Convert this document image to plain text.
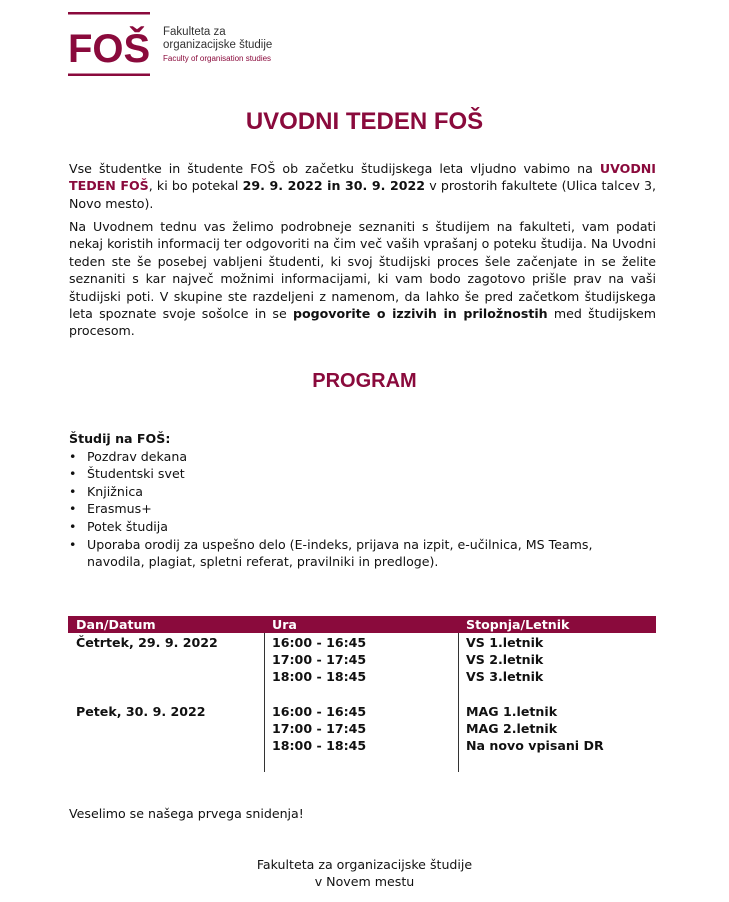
FOŠ Fakulteta za
organizacijske študije
Faculty of organisation studies
UVODNI TEDEN FOŠ
Vse študentke in študente FOŠ ob začetku študijskega leta vljudno vabimo na UVODNI TEDEN FOŠ, ki bo potekal 29. 9. 2022 in 30. 9. 2022 v prostorih fakultete (Ulica talcev 3, Novo mesto).
Na Uvodnem tednu vas želimo podrobneje seznaniti s študijem na fakulteti, vam podati nekaj koristih informacij ter odgovoriti na čim več vaših vprašanj o poteku študija. Na Uvodni teden ste še posebej vabljeni študenti, ki svoj študijski proces šele začenjate in se želite seznaniti s kar največ možnimi informacijami, ki vam bodo zagotovo prišle prav na vaši študijski poti. V skupine ste razdeljeni z namenom, da lahko še pred začetkom študijskega leta spoznate svoje sošolce in se pogovorite o izzivih in priložnostih med študijskem procesom.
PROGRAM
Študij na FOŠ:
• Pozdrav dekana
• Študentski svet
• Knjižnica
• Erasmus+
• Potek študija
• Uporaba orodij za uspešno delo (E-indeks, prijava na izpit, e-učilnica, MS Teams, navodila, plagiat, spletni referat, pravilniki in predloge).
Dan/Datum	Ura	Stopnja/Letnik
Četrtek, 29. 9. 2022	16:00 - 16:45	VS 1.letnik
17:00 - 17:45	VS 2.letnik
18:00 - 18:45	VS 3.letnik
Petek, 30. 9. 2022	16:00 - 16:45	MAG 1.letnik
17:00 - 17:45	MAG 2.letnik
18:00 - 18:45	Na novo vpisani DR
Veselimo se našega prvega snidenja!
Fakulteta za organizacijske študije
v Novem mestu
